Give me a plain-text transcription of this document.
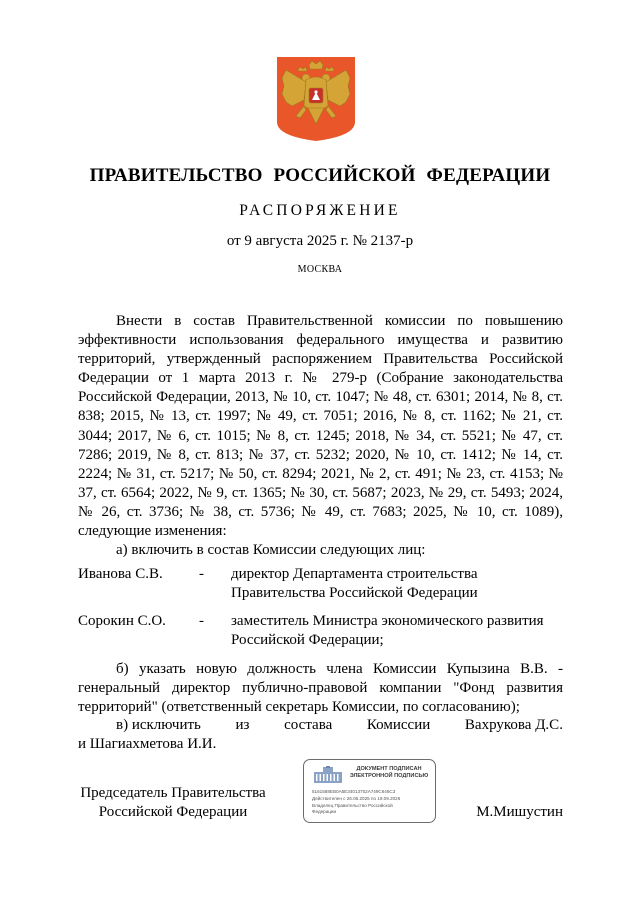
ПРАВИТЕЛЬСТВО РОССИЙСКОЙ ФЕДЕРАЦИИ
РАСПОРЯЖЕНИЕ
от 9 августа 2025 г. № 2137-р
МОСКВА

Внести в состав Правительственной комиссии по повышению эффективности использования федерального имущества и развитию территорий, утвержденный распоряжением Правительства Российской Федерации от 1 марта 2013 г. № 279-р (Собрание законодательства Российской Федерации, 2013, № 10, ст. 1047; № 48, ст. 6301; 2014, № 8, ст. 838; 2015, № 13, ст. 1997; № 49, ст. 7051; 2016, № 8, ст. 1162; № 21, ст. 3044; 2017, № 6, ст. 1015; № 8, ст. 1245; 2018, № 34, ст. 5521; № 47, ст. 7286; 2019, № 8, ст. 813; № 37, ст. 5232; 2020, № 10, ст. 1412; № 14, ст. 2224; № 31, ст. 5217; № 50, ст. 8294; 2021, № 2, ст. 491; № 23, ст. 4153; № 37, ст. 6564; 2022, № 9, ст. 1365; № 30, ст. 5687; 2023, № 29, ст. 5493; 2024, № 26, ст. 3736; № 38, ст. 5736; № 49, ст. 7683; 2025, № 10, ст. 1089), следующие изменения:

а) включить в состав Комиссии следующих лиц:
Иванова С.В. - директор Департамента строительства Правительства Российской Федерации
Сорокин С.О. - заместитель Министра экономического развития Российской Федерации;

б) указать новую должность члена Комиссии Купызина В.В. - генеральный директор публично-правовой компании "Фонд развития территорий" (ответственный секретарь Комиссии, по согласованию);

в) исключить из состава Комиссии Вахрукова Д.С.
и Шагиахметова И.И.
Председатель Правительства
Российской Федерации
ДОКУМЕНТ ПОДПИСАН
ЭЛЕКТРОННОЙ ПОДПИСЬЮ
5161588EB0A5E34013702A749C646C3
Действителен с 26.06.2025 по 19.09.2026
Владелец Правительство Российской
Федерации	М.Мишустин
